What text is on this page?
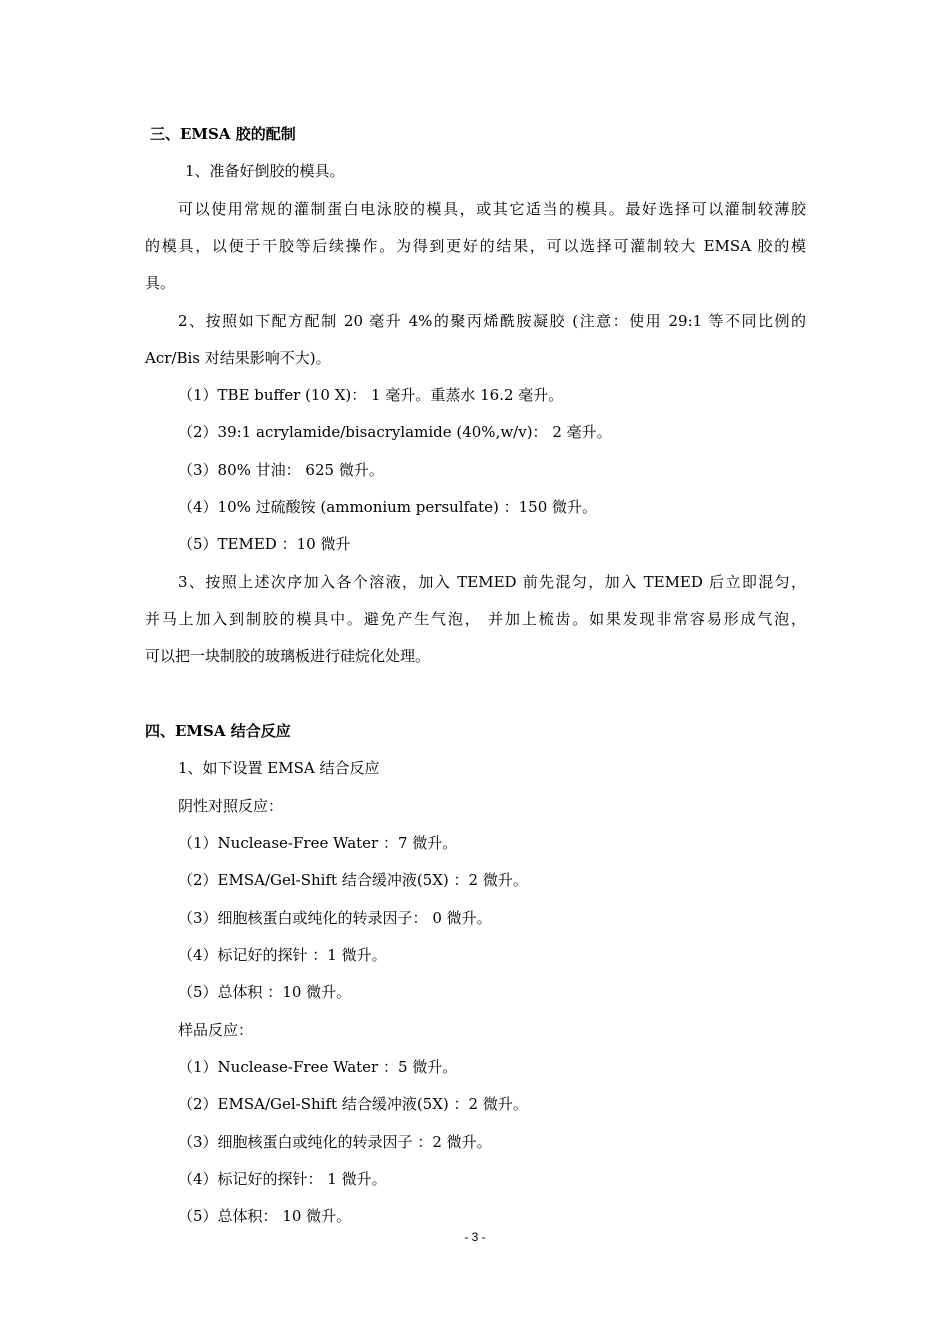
三、EMSA 胶的配制
1、准备好倒胶的模具。
可以使用常规的灌制蛋白电泳胶的模具，或其它适当的模具。最好选择可以灌制较薄胶
的模具，以便于干胶等后续操作。为得到更好的结果，可以选择可灌制较大 EMSA 胶的模
具。
2、按照如下配方配制 20 毫升 4%的聚丙烯酰胺凝胶 (注意：使用 29:1 等不同比例的
Acr/Bis 对结果影响不大)。
（1）TBE buffer (10 X)： 1 毫升。重蒸水 16.2 毫升。
（2）39:1 acrylamide/bisacrylamide (40%,w/v)： 2 毫升。
（3）80% 甘油： 625 微升。
（4）10% 过硫酸铵 (ammonium persulfate) ：150 微升。
（5）TEMED ：10 微升
3、按照上述次序加入各个溶液，加入 TEMED 前先混匀，加入 TEMED 后立即混匀，
并马上加入到制胶的模具中。避免产生气泡， 并加上梳齿。如果发现非常容易形成气泡，
可以把一块制胶的玻璃板进行硅烷化处理。
四、EMSA 结合反应
1、如下设置 EMSA 结合反应
阴性对照反应：
（1）Nuclease-Free Water ：7 微升。
（2）EMSA/Gel-Shift 结合缓冲液(5X) ：2 微升。
（3）细胞核蛋白或纯化的转录因子： 0 微升。
（4）标记好的探针 ：1 微升。
（5）总体积 ：10 微升。
样品反应：
（1）Nuclease-Free Water ：5 微升。
（2）EMSA/Gel-Shift 结合缓冲液(5X) ：2 微升。
（3）细胞核蛋白或纯化的转录因子 ：2 微升。
（4）标记好的探针： 1 微升。
（5）总体积： 10 微升。
- 3 -
